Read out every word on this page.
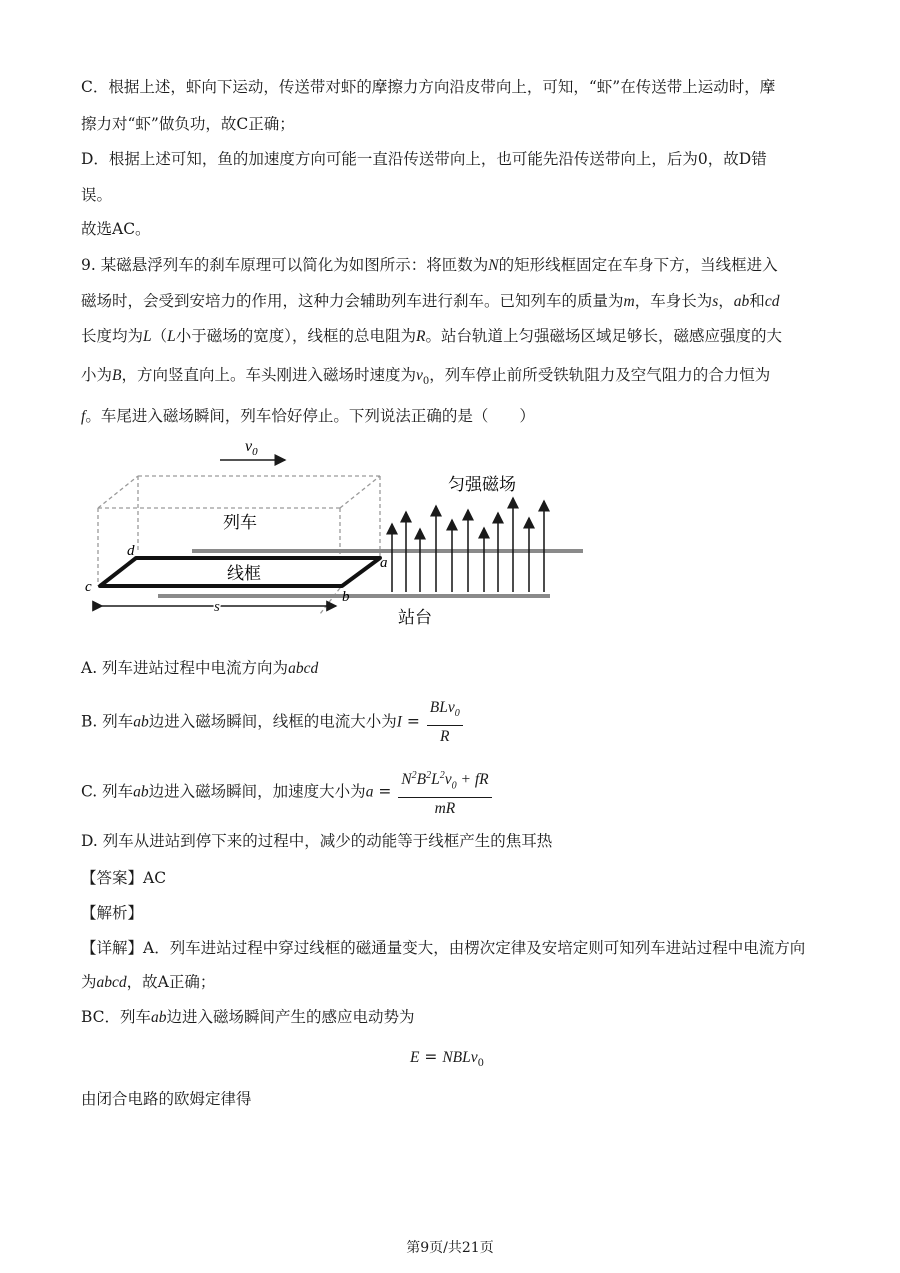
C．根据上述，虾向下运动，传送带对虾的摩擦力方向沿皮带向上，可知，“虾”在传送带上运动时，摩
擦力对“虾”做负功，故C正确；
D．根据上述可知，鱼的加速度方向可能一直沿传送带向上，也可能先沿传送带向上，后为0，故D错
误。
故选AC。
9. 某磁悬浮列车的刹车原理可以简化为如图所示：将匝数为N的矩形线框固定在车身下方，当线框进入
磁场时，会受到安培力的作用，这种力会辅助列车进行刹车。已知列车的质量为m，车身长为s，ab和cd
长度均为L（L小于磁场的宽度），线框的总电阻为R。站台轨道上匀强磁场区域足够长，磁感应强度的大
小为B，方向竖直向上。车头刚进入磁场时速度为$v_0$，列车停止前所受铁轨阻力及空气阻力的合力恒为
f。车尾进入磁场瞬间，列车恰好停止。下列说法正确的是（　　）
$v_0$
列车
线框
a
b
c
d
s
匀强磁场
站台
A. 列车进站过程中电流方向为abcd
B. 列车ab边进入磁场瞬间，线框的电流大小为$I = \frac{BLv_0}{R}$
C. 列车ab边进入磁场瞬间，加速度大小为$a = \frac{N^2B^2L^2v_0 + fR}{mR}$
D. 列车从进站到停下来的过程中，减少的动能等于线框产生的焦耳热
【答案】AC
【解析】
【详解】A．列车进站过程中穿过线框的磁通量变大，由楞次定律及安培定则可知列车进站过程中电流方向
为abcd，故A正确；
BC．列车ab边进入磁场瞬间产生的感应电动势为
E = NBLv$_0$
由闭合电路的欧姆定律得
第9页/共21页
